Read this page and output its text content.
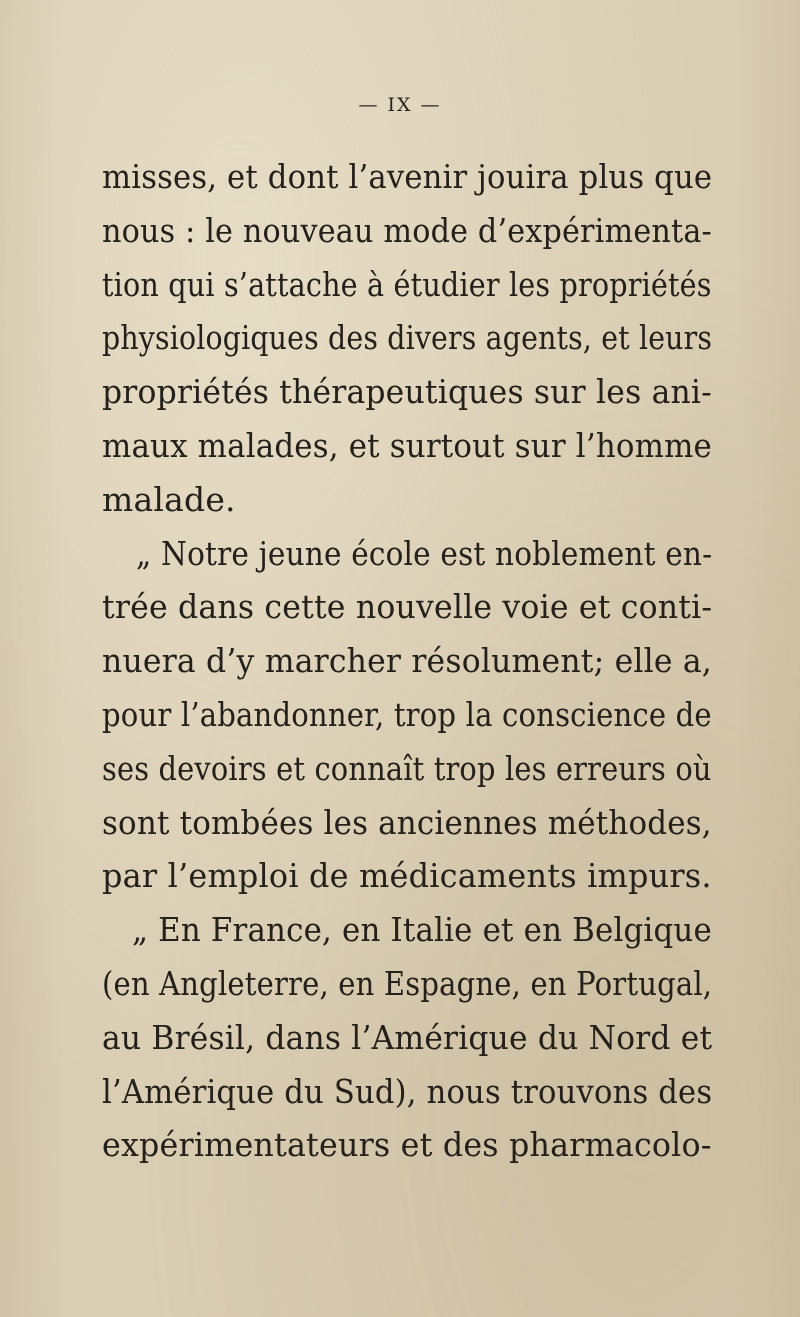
— IX —
misses, et dont l’avenir jouira plus que
nous : le nouveau mode d’expérimenta-
tion qui s’attache à étudier les propriétés
physiologiques des divers agents, et leurs
propriétés thérapeutiques sur les ani-
maux malades, et surtout sur l’homme
malade.
„ Notre jeune école est noblement en-
trée dans cette nouvelle voie et conti-
nuera d’y marcher résolument; elle a,
pour l’abandonner, trop la conscience de
ses devoirs et connaît trop les erreurs où
sont tombées les anciennes méthodes,
par l’emploi de médicaments impurs.
„ En France, en Italie et en Belgique
(en Angleterre, en Espagne, en Portugal,
au Brésil, dans l’Amérique du Nord et
l’Amérique du Sud), nous trouvons des
expérimentateurs et des pharmacolo-
